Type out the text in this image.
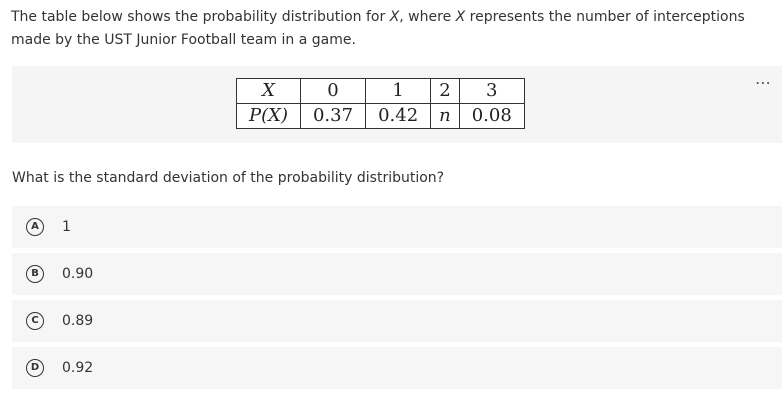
The table below shows the probability distribution for X, where X represents the number of interceptions made by the UST Junior Football team in a game.

⋯
X	0	1	2	3
P(X)	0.37	0.42	n	0.08

What is the standard deviation of the probability distribution?

A	1
B	0.90
C	0.89
D	0.92
